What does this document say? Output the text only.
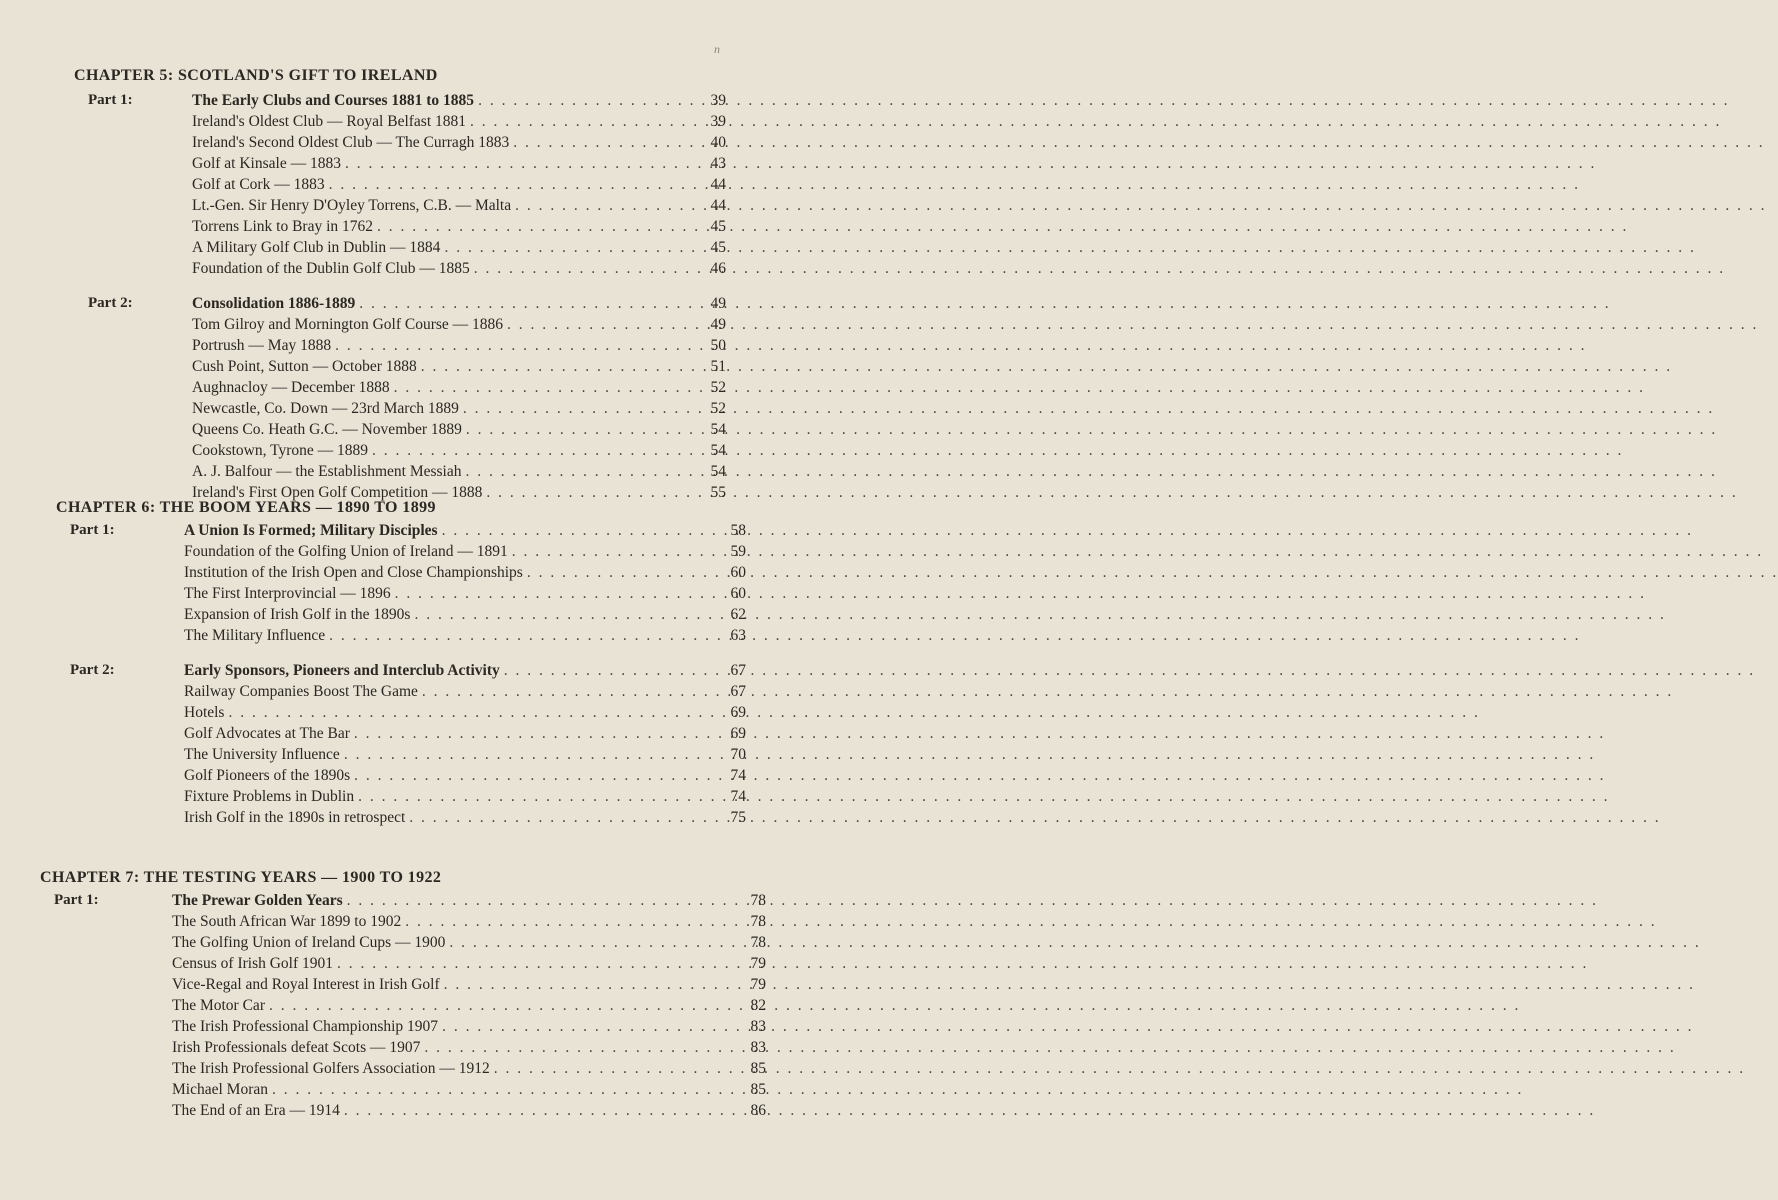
n
CHAPTER 5: SCOTLAND'S GIFT TO IRELAND
Part 1:	The Early Clubs and Courses 1881 to 1885 . . .	39
Ireland's Oldest Club — Royal Belfast 1881 . . .	39
Ireland's Second Oldest Club — The Curragh 1883 . . .	40
Golf at Kinsale — 1883 . . .	43
Golf at Cork — 1883 . . .	44
Lt.-Gen. Sir Henry D'Oyley Torrens, C.B. — Malta . . .	44
Torrens Link to Bray in 1762 . . .	45
A Military Golf Club in Dublin — 1884 . . .	45
Foundation of the Dublin Golf Club — 1885 . . .	46
Part 2:	Consolidation 1886-1889 . . .	49
Tom Gilroy and Mornington Golf Course — 1886 . . .	49
Portrush — May 1888 . . .	50
Cush Point, Sutton — October 1888 . . .	51
Aughnacloy — December 1888 . . .	52
Newcastle, Co. Down — 23rd March 1889 . . .	52
Queens Co. Heath G.C. — November 1889 . . .	54
Cookstown, Tyrone — 1889 . . .	54
A. J. Balfour — the Establishment Messiah . . .	54
Ireland's First Open Golf Competition — 1888 . . .	55
CHAPTER 6: THE BOOM YEARS — 1890 TO 1899
Part 1:	A Union Is Formed; Military Disciples . . .	58
Foundation of the Golfing Union of Ireland — 1891 . . .	59
Institution of the Irish Open and Close Championships . . .	60
The First Interprovincial — 1896 . . .	60
Expansion of Irish Golf in the 1890s . . .	62
The Military Influence . . .	63
Part 2:	Early Sponsors, Pioneers and Interclub Activity . . .	67
Railway Companies Boost The Game . . .	67
Hotels . . .	69
Golf Advocates at The Bar . . .	69
The University Influence . . .	70
Golf Pioneers of the 1890s . . .	74
Fixture Problems in Dublin . . .	74
Irish Golf in the 1890s in retrospect . . .	75
CHAPTER 7: THE TESTING YEARS — 1900 TO 1922
Part 1:	The Prewar Golden Years . . .	78
The South African War 1899 to 1902 . . .	78
The Golfing Union of Ireland Cups — 1900 . . .	78
Census of Irish Golf 1901 . . .	79
Vice-Regal and Royal Interest in Irish Golf . . .	79
The Motor Car . . .	82
The Irish Professional Championship 1907 . . .	83
Irish Professionals defeat Scots — 1907 . . .	83
The Irish Professional Golfers Association — 1912 . . .	85
Michael Moran . . .	85
The End of an Era — 1914 . . .	86
